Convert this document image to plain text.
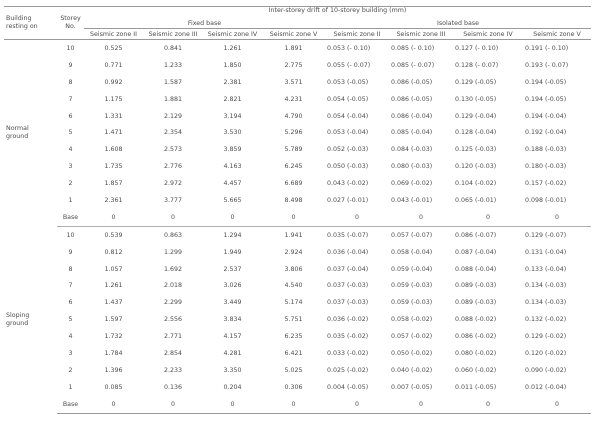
Building
resting on	Storey
No.	Inter-storey drift of 10-storey building (mm)							
		Fixed base				Isolated base			
		Seismic zone II	Seismic zone III	Seismic zone IV	Seismic zone V	Seismic zone II	Seismic zone III	Seismic zone IV	Seismic zone V
Normal
ground	10	0.525	0.841	1.261	1.891	0.053 (- 0.10)	0.085 (- 0.10)	0.127 (- 0.10)	0.191 (- 0.10)
	9	0.771	1.233	1.850	2.775	0.055 (- 0.07)	0.085 (- 0.07)	0.128 (- 0.07)	0.193 (- 0.07)
	8	0.992	1.587	2.381	3.571	0.053 (-0.05)	0.086 (-0.05)	0.129 (-0.05)	0.194 (-0.05)
	7	1.175	1.881	2.821	4.231	0.054 (-0.05)	0.086 (-0.05)	0.130 (-0.05)	0.194 (-0.05)
	6	1.331	2.129	3.194	4.790	0.054 (-0.04)	0.086 (-0.04)	0.129 (-0.04)	0.194 (-0.04)
	5	1.471	2.354	3.530	5.296	0.053 (-0.04)	0.085 (-0.04)	0.128 (-0.04)	0.192 (-0.04)
	4	1.608	2.573	3.859	5.789	0.052 (-0.03)	0.084 (-0.03)	0.125 (-0.03)	0.188 (-0.03)
	3	1.735	2.776	4.163	6.245	0.050 (-0.03)	0.080 (-0.03)	0.120 (-0.03)	0.180 (-0.03)
	2	1.857	2.972	4.457	6.689	0.043 (-0.02)	0.069 (-0.02)	0.104 (-0.02)	0.157 (-0.02)
	1	2.361	3.777	5.665	8.498	0.027 (-0.01)	0.043 (-0.01)	0.065 (-0.01)	0.098 (-0.01)
	Base	0	0	0	0	0	0	0	0
Sloping
ground	10	0.539	0.863	1.294	1.941	0.035 (-0.07)	0.057 (-0.07)	0.086 (-0.07)	0.129 (-0.07)
	9	0.812	1.299	1.949	2.924	0.036 (-0.04)	0.058 (-0.04)	0.087 (-0.04)	0.131 (-0.04)
	8	1.057	1.692	2.537	3.806	0.037 (-0.04)	0.059 (-0.04)	0.088 (-0.04)	0.133 (-0.04)
	7	1.261	2.018	3.026	4.540	0.037 (-0.03)	0.059 (-0.03)	0.089 (-0.03)	0.134 (-0.03)
	6	1.437	2.299	3.449	5.174	0.037 (-0.03)	0.059 (-0.03)	0.089 (-0.03)	0.134 (-0.03)
	5	1.597	2.556	3.834	5.751	0.036 (-0.02)	0.058 (-0.02)	0.088 (-0.02)	0.132 (-0.02)
	4	1.732	2.771	4.157	6.235	0.035 (-0.02)	0.057 (-0.02)	0.086 (-0.02)	0.129 (-0.02)
	3	1.784	2.854	4.281	6.421	0.033 (-0.02)	0.050 (-0.02)	0.080 (-0.02)	0.120 (-0.02)
	2	1.396	2.233	3.350	5.025	0.025 (-0.02)	0.040 (-0.02)	0.060 (-0.02)	0.090 (-0.02)
	1	0.085	0.136	0.204	0.306	0.004 (-0.05)	0.007 (-0.05)	0.011 (-0.05)	0.012 (-0.04)
	Base	0	0	0	0	0	0	0	0
